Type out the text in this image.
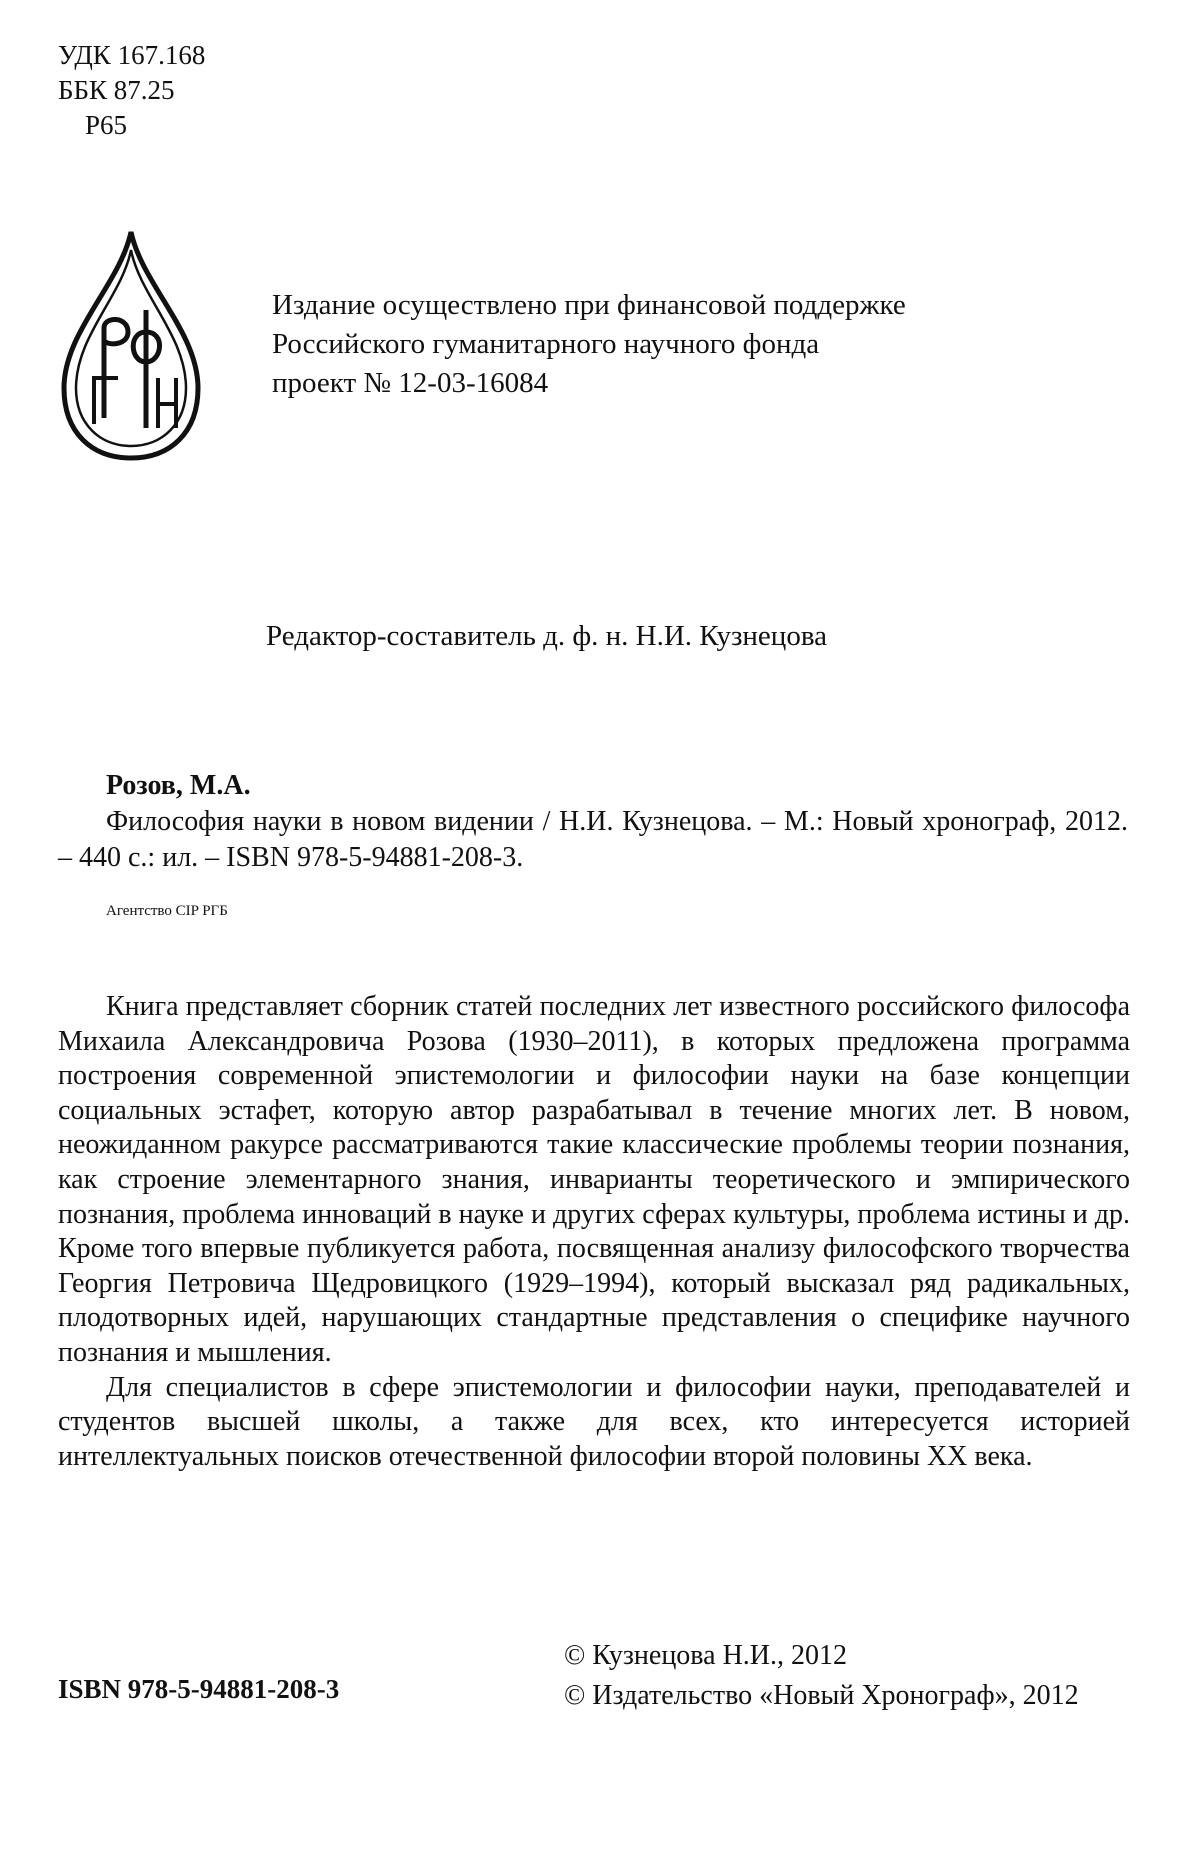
УДК 167.168
ББК 87.25
Р65
Издание осуществлено при финансовой поддержке
Российского гуманитарного научного фонда
проект № 12-03-16084
Редактор-составитель д. ф. н. Н.И. Кузнецова
Розов, М.А.
Философия науки в новом видении / Н.И. Кузнецова. – М.: Новый хронограф, 2012. – 440 с.: ил. – ISBN 978-5-94881-208-3.
Агентство CIP РГБ

Книга представляет сборник статей последних лет известного российского философа Михаила Александровича Розова (1930–2011), в которых предложена программа построения современной эпистемологии и философии науки на базе концепции социальных эстафет, которую автор разрабатывал в течение многих лет. В новом, неожиданном ракурсе рассматриваются такие классические проблемы теории познания, как строение элементарного знания, инварианты теоретического и эмпирического познания, проблема инноваций в науке и других сферах культуры, проблема истины и др. Кроме того впервые публикуется работа, посвященная анализу философского творчества Георгия Петровича Щедровицкого (1929–1994), который высказал ряд радикальных, плодотворных идей, нарушающих стандартные представления о специфике научного познания и мышления.

Для специалистов в сфере эпистемологии и философии науки, преподавателей и студентов высшей школы, а также для всех, кто интересуется историей интеллектуальных поисков отечественной философии второй половины XX века.

ISBN 978-5-94881-208-3
© Кузнецова Н.И., 2012
© Издательство «Новый Хронограф», 2012
